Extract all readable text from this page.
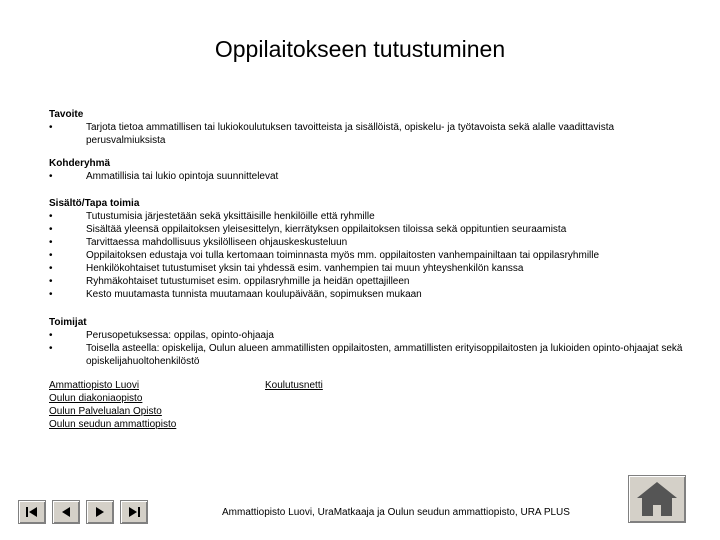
Oppilaitokseen tutustuminen
Tavoite
•	Tarjota tietoa ammatillisen tai lukiokoulutuksen tavoitteista ja sisällöistä, opiskelu- ja työtavoista sekä alalle vaadittavista perusvalmiuksista
Kohderyhmä
•	Ammatillisia tai lukio opintoja suunnittelevat
Sisältö/Tapa toimia
•	Tutustumisia järjestetään sekä yksittäisille henkilöille että ryhmille
•	Sisältää yleensä oppilaitoksen yleisesittelyn, kierrätyksen oppilaitoksen tiloissa sekä oppituntien seuraamista
•	Tarvittaessa mahdollisuus yksilölliseen ohjauskeskusteluun
•	Oppilaitoksen edustaja voi tulla kertomaan toiminnasta myös mm. oppilaitosten vanhempainiltaan tai oppilasryhmille
•	Henkilökohtaiset tutustumiset yksin tai yhdessä esim. vanhempien tai muun yhteyshenkilön kanssa
•	Ryhmäkohtaiset tutustumiset esim. oppilasryhmille ja heidän opettajilleen
•	Kesto muutamasta tunnista muutamaan koulupäivään, sopimuksen mukaan
Toimijat
•	Perusopetuksessa: oppilas, opinto-ohjaaja
•	Toisella asteella: opiskelija, Oulun alueen ammatillisten oppilaitosten, ammatillisten erityisoppilaitosten ja lukioiden opinto-ohjaajat sekä opiskelijahuoltohenkilöstö
Ammattiopisto Luovi
Oulun diakoniaopisto
Oulun Palvelualan Opisto
Oulun seudun ammattiopisto
Koulutusnetti
Ammattiopisto Luovi, UraMatkaaja ja Oulun seudun ammattiopisto, URA PLUS
